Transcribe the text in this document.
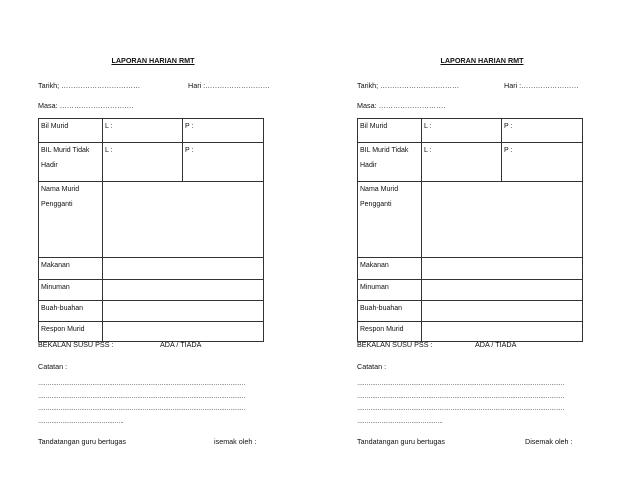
LAPORAN HARIAN RMT
Tarikh; ……………………………	Hari :………………………
Masa: ………………………….
Bil Murid	L :	P :
BIL Murid Tidak

Hadir	L :	P :
Nama Murid

Pengganti		
Makanan		
Minuman		
Buah-buahan		
Respon Murid		
BEKALAN SUSU PSS :	ADA / TIADA
Catatan :
…………………………………………………………………………………………………
…………………………………………………………………………………………………
…………………………………………………………………………………………………
……………………………………….
Tandatangan guru bertugas	isemak oleh :
LAPORAN HARIAN RMT
Tarikh; ……………………………	Hari :……………………
Masa: ……………………….
Bil Murid	L :	P :
BIL Murid Tidak

Hadir	L :	P :
Nama Murid

Pengganti		
Makanan		
Minuman		
Buah-buahan		
Respon Murid		
BEKALAN SUSU PSS :	ADA / TIADA
Catatan :
…………………………………………………………………………………………………
…………………………………………………………………………………………………
…………………………………………………………………………………………………
……………………………………….
Tandatangan guru bertugas	Disemak oleh :
